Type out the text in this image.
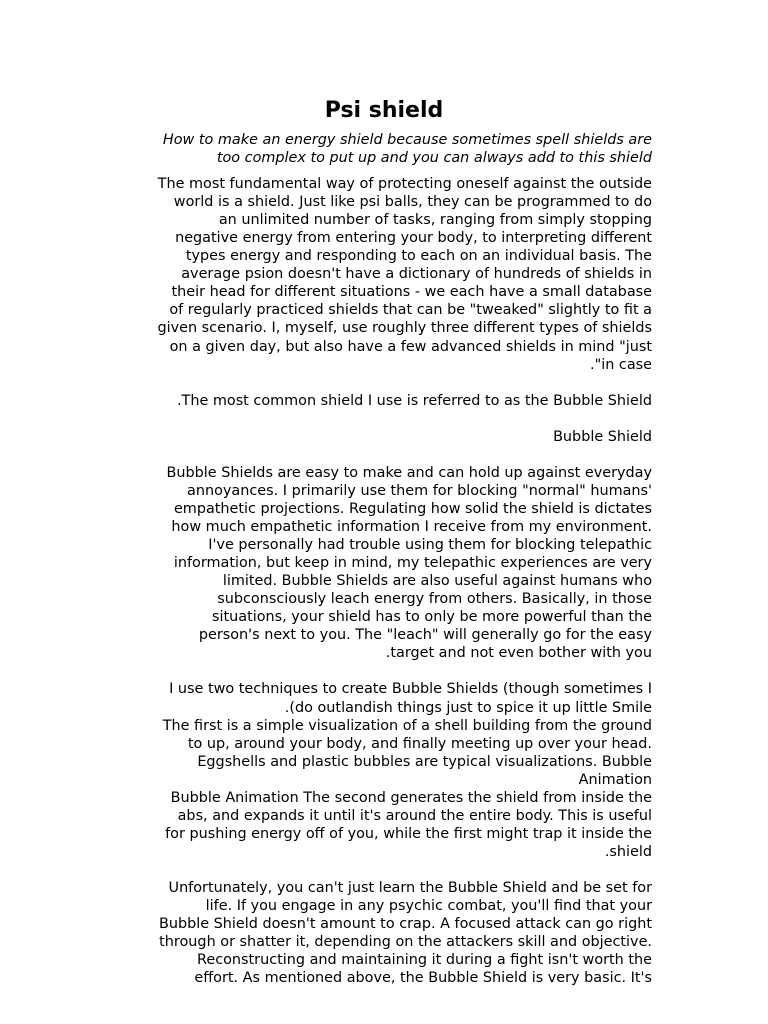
Psi shield
How to make an energy shield because sometimes spell shields are
too complex to put up and you can always add to this shield
The most fundamental way of protecting oneself against the outside
world is a shield. Just like psi balls, they can be programmed to do
an unlimited number of tasks, ranging from simply stopping
negative energy from entering your body, to interpreting different
types energy and responding to each on an individual basis. The
average psion doesn't have a dictionary of hundreds of shields in
their head for different situations - we each have a small database
of regularly practiced shields that can be "tweaked" slightly to fit a
given scenario. I, myself, use roughly three different types of shields
on a given day, but also have a few advanced shields in mind "just
."in case
.The most common shield I use is referred to as the Bubble Shield
Bubble Shield
Bubble Shields are easy to make and can hold up against everyday
annoyances. I primarily use them for blocking "normal" humans'
empathetic projections. Regulating how solid the shield is dictates
how much empathetic information I receive from my environment.
I've personally had trouble using them for blocking telepathic
information, but keep in mind, my telepathic experiences are very
limited. Bubble Shields are also useful against humans who
subconsciously leach energy from others. Basically, in those
situations, your shield has to only be more powerful than the
person's next to you. The "leach" will generally go for the easy
.target and not even bother with you
I use two techniques to create Bubble Shields (though sometimes I
.(do outlandish things just to spice it up little Smile
The first is a simple visualization of a shell building from the ground
to up, around your body, and finally meeting up over your head.
Eggshells and plastic bubbles are typical visualizations. Bubble
Animation
Bubble Animation The second generates the shield from inside the
abs, and expands it until it's around the entire body. This is useful
for pushing energy off of you, while the first might trap it inside the
.shield
Unfortunately, you can't just learn the Bubble Shield and be set for
life. If you engage in any psychic combat, you'll find that your
Bubble Shield doesn't amount to crap. A focused attack can go right
through or shatter it, depending on the attackers skill and objective.
Reconstructing and maintaining it during a fight isn't worth the
effort. As mentioned above, the Bubble Shield is very basic. It's
